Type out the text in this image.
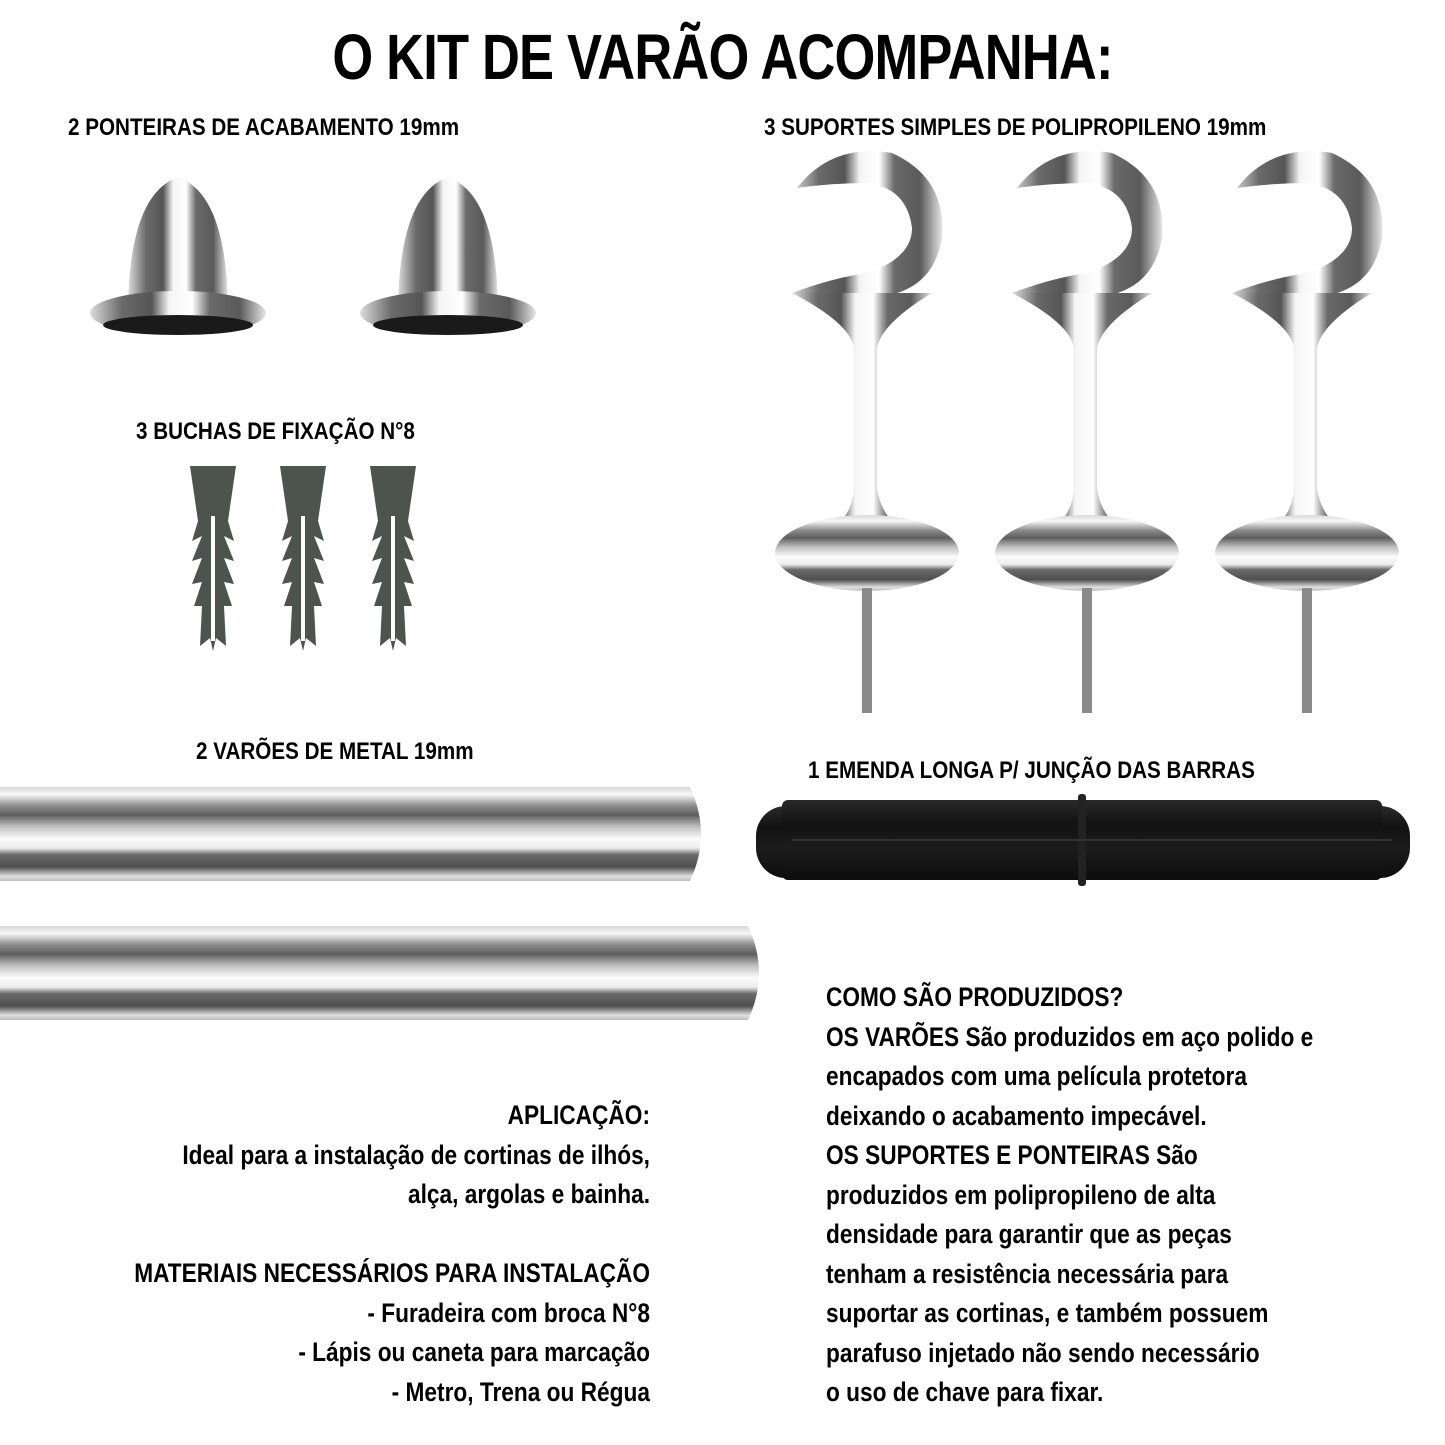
O KIT DE VARÃO ACOMPANHA:
2 PONTEIRAS DE ACABAMENTO 19mm
3 BUCHAS DE FIXAÇÃO N°8
3 SUPORTES SIMPLES DE POLIPROPILENO 19mm
2 VARÕES DE METAL 19mm
1 EMENDA LONGA P/ JUNÇÃO DAS BARRAS
APLICAÇÃO:
Ideal para a instalação de cortinas de ilhós,
alça, argolas e bainha.
MATERIAIS NECESSÁRIOS PARA INSTALAÇÃO
- Furadeira com broca N°8
- Lápis ou caneta para marcação
- Metro, Trena ou Régua
COMO SÃO PRODUZIDOS?
OS VARÕES São produzidos em aço polido e
encapados com uma película protetora
deixando o acabamento impecável.
OS SUPORTES E PONTEIRAS São
produzidos em polipropileno de alta
densidade para garantir que as peças
tenham a resistência necessária para
suportar as cortinas, e também possuem
parafuso injetado não sendo necessário
o uso de chave para fixar.
